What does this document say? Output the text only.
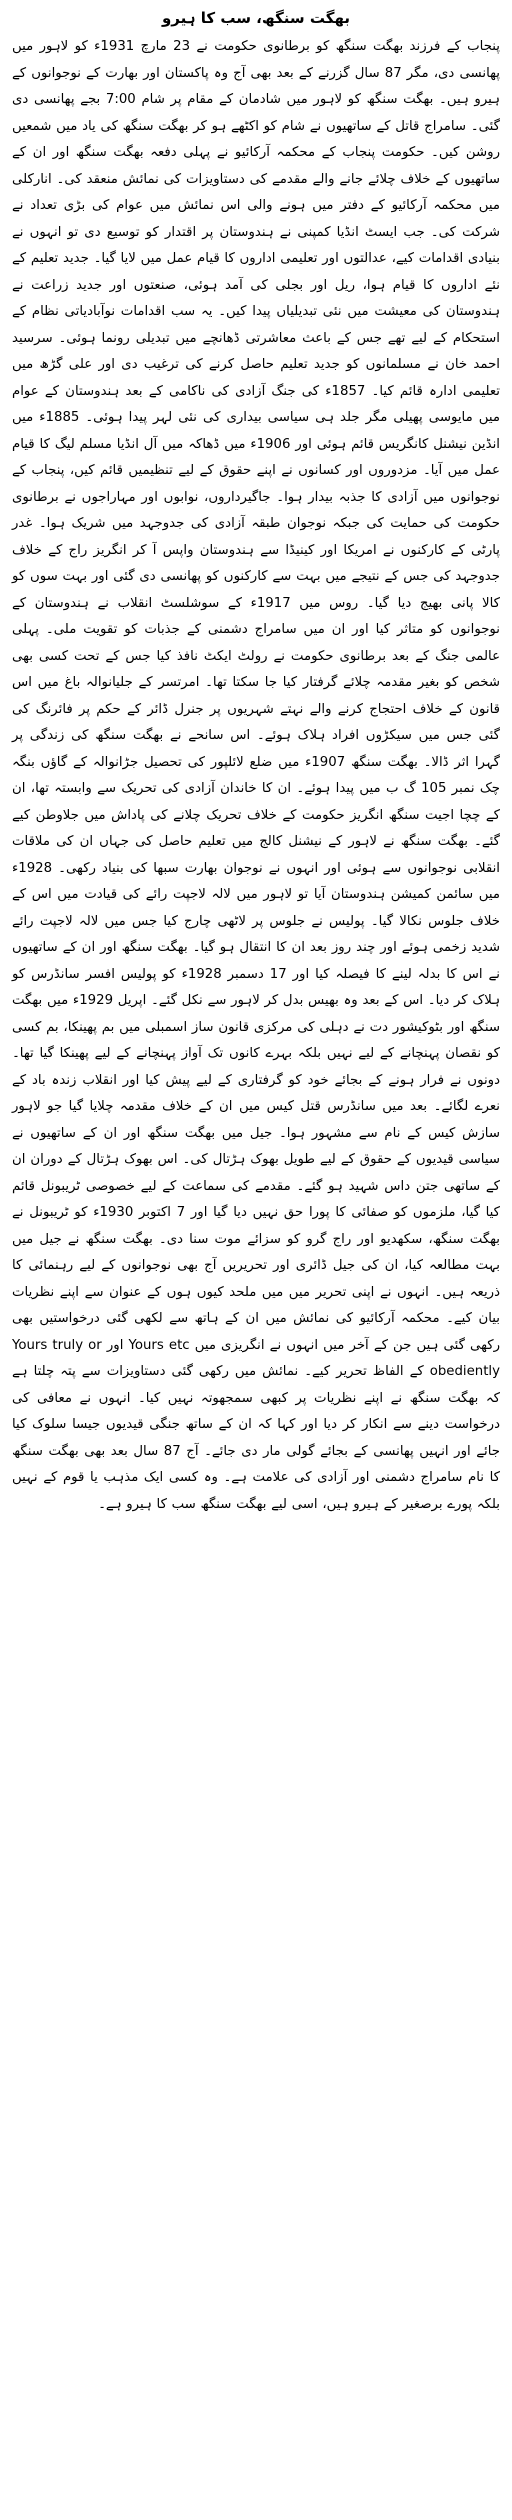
بھگت سنگھ، سب کا ہیرو

پنجاب کے فرزند بھگت سنگھ کو برطانوی حکومت نے 23 مارچ 1931ء کو لاہور میں پھانسی دی، مگر 87 سال گزرنے کے بعد بھی آج وہ پاکستان اور بھارت کے نوجوانوں کے ہیرو ہیں۔ بھگت سنگھ کو لاہور میں شادمان کے مقام پر شام 7:00 بجے پھانسی دی گئی۔ سامراج قاتل کے ساتھیوں نے شام کو اکٹھے ہو کر بھگت سنگھ کی یاد میں شمعیں روشن کیں۔ حکومت پنجاب کے محکمہ آرکائیو نے پہلی دفعہ بھگت سنگھ اور ان کے ساتھیوں کے خلاف چلائے جانے والے مقدمے کی دستاویزات کی نمائش منعقد کی۔ انارکلی میں محکمہ آرکائیو کے دفتر میں ہونے والی اس نمائش میں عوام کی بڑی تعداد نے شرکت کی۔ جب ایسٹ انڈیا کمپنی نے ہندوستان پر اقتدار کو توسیع دی تو انہوں نے بنیادی اقدامات کیے، عدالتوں اور تعلیمی اداروں کا قیام عمل میں لایا گیا۔ جدید تعلیم کے نئے اداروں کا قیام ہوا، ریل اور بجلی کی آمد ہوئی، صنعتوں اور جدید زراعت نے ہندوستان کی معیشت میں نئی تبدیلیاں پیدا کیں۔ یہ سب اقدامات نوآبادیاتی نظام کے استحکام کے لیے تھے جس کے باعث معاشرتی ڈھانچے میں تبدیلی رونما ہوئی۔ سرسید احمد خان نے مسلمانوں کو جدید تعلیم حاصل کرنے کی ترغیب دی اور علی گڑھ میں تعلیمی ادارہ قائم کیا۔ 1857ء کی جنگ آزادی کی ناکامی کے بعد ہندوستان کے عوام میں مایوسی پھیلی مگر جلد ہی سیاسی بیداری کی نئی لہر پیدا ہوئی۔ 1885ء میں انڈین نیشنل کانگریس قائم ہوئی اور 1906ء میں ڈھاکہ میں آل انڈیا مسلم لیگ کا قیام عمل میں آیا۔ مزدوروں اور کسانوں نے اپنے حقوق کے لیے تنظیمیں قائم کیں، پنجاب کے نوجوانوں میں آزادی کا جذبہ بیدار ہوا۔ جاگیرداروں، نوابوں اور مہاراجوں نے برطانوی حکومت کی حمایت کی جبکہ نوجوان طبقہ آزادی کی جدوجہد میں شریک ہوا۔ غدر پارٹی کے کارکنوں نے امریکا اور کینیڈا سے ہندوستان واپس آ کر انگریز راج کے خلاف جدوجہد کی جس کے نتیجے میں بہت سے کارکنوں کو پھانسی دی گئی اور بہت سوں کو کالا پانی بھیج دیا گیا۔ روس میں 1917ء کے سوشلسٹ انقلاب نے ہندوستان کے نوجوانوں کو متاثر کیا اور ان میں سامراج دشمنی کے جذبات کو تقویت ملی۔ پہلی عالمی جنگ کے بعد برطانوی حکومت نے رولٹ ایکٹ نافذ کیا جس کے تحت کسی بھی شخص کو بغیر مقدمہ چلائے گرفتار کیا جا سکتا تھا۔ امرتسر کے جلیانوالہ باغ میں اس قانون کے خلاف احتجاج کرنے والے نہتے شہریوں پر جنرل ڈائر کے حکم پر فائرنگ کی گئی جس میں سیکڑوں افراد ہلاک ہوئے۔ اس سانحے نے بھگت سنگھ کی زندگی پر گہرا اثر ڈالا۔ بھگت سنگھ 1907ء میں ضلع لائلپور کی تحصیل جڑانوالہ کے گاؤں بنگہ چک نمبر 105 گ ب میں پیدا ہوئے۔ ان کا خاندان آزادی کی تحریک سے وابستہ تھا، ان کے چچا اجیت سنگھ انگریز حکومت کے خلاف تحریک چلانے کی پاداش میں جلاوطن کیے گئے۔ بھگت سنگھ نے لاہور کے نیشنل کالج میں تعلیم حاصل کی جہاں ان کی ملاقات انقلابی نوجوانوں سے ہوئی اور انہوں نے نوجوان بھارت سبھا کی بنیاد رکھی۔ 1928ء میں سائمن کمیشن ہندوستان آیا تو لاہور میں لالہ لاجپت رائے کی قیادت میں اس کے خلاف جلوس نکالا گیا۔ پولیس نے جلوس پر لاٹھی چارج کیا جس میں لالہ لاجپت رائے شدید زخمی ہوئے اور چند روز بعد ان کا انتقال ہو گیا۔ بھگت سنگھ اور ان کے ساتھیوں نے اس کا بدلہ لینے کا فیصلہ کیا اور 17 دسمبر 1928ء کو پولیس افسر سانڈرس کو ہلاک کر دیا۔ اس کے بعد وہ بھیس بدل کر لاہور سے نکل گئے۔ اپریل 1929ء میں بھگت سنگھ اور بٹوکیشور دت نے دہلی کی مرکزی قانون ساز اسمبلی میں بم پھینکا، بم کسی کو نقصان پہنچانے کے لیے نہیں بلکہ بہرے کانوں تک آواز پہنچانے کے لیے پھینکا گیا تھا۔ دونوں نے فرار ہونے کے بجائے خود کو گرفتاری کے لیے پیش کیا اور انقلاب زندہ باد کے نعرے لگائے۔ بعد میں سانڈرس قتل کیس میں ان کے خلاف مقدمہ چلایا گیا جو لاہور سازش کیس کے نام سے مشہور ہوا۔ جیل میں بھگت سنگھ اور ان کے ساتھیوں نے سیاسی قیدیوں کے حقوق کے لیے طویل بھوک ہڑتال کی۔ اس بھوک ہڑتال کے دوران ان کے ساتھی جتن داس شہید ہو گئے۔ مقدمے کی سماعت کے لیے خصوصی ٹریبونل قائم کیا گیا، ملزموں کو صفائی کا پورا حق نہیں دیا گیا اور 7 اکتوبر 1930ء کو ٹریبونل نے بھگت سنگھ، سکھدیو اور راج گرو کو سزائے موت سنا دی۔ بھگت سنگھ نے جیل میں بہت مطالعہ کیا، ان کی جیل ڈائری اور تحریریں آج بھی نوجوانوں کے لیے رہنمائی کا ذریعہ ہیں۔ انہوں نے اپنی تحریر میں میں ملحد کیوں ہوں کے عنوان سے اپنے نظریات بیان کیے۔ محکمہ آرکائیو کی نمائش میں ان کے ہاتھ سے لکھی گئی درخواستیں بھی رکھی گئی ہیں جن کے آخر میں انہوں نے انگریزی میں Yours etc اور Yours truly or obediently کے الفاظ تحریر کیے۔ نمائش میں رکھی گئی دستاویزات سے پتہ چلتا ہے کہ بھگت سنگھ نے اپنے نظریات پر کبھی سمجھوتہ نہیں کیا۔ انہوں نے معافی کی درخواست دینے سے انکار کر دیا اور کہا کہ ان کے ساتھ جنگی قیدیوں جیسا سلوک کیا جائے اور انہیں پھانسی کے بجائے گولی مار دی جائے۔ آج 87 سال بعد بھی بھگت سنگھ کا نام سامراج دشمنی اور آزادی کی علامت ہے۔ وہ کسی ایک مذہب یا قوم کے نہیں بلکہ پورے برصغیر کے ہیرو ہیں، اسی لیے بھگت سنگھ سب کا ہیرو ہے۔
